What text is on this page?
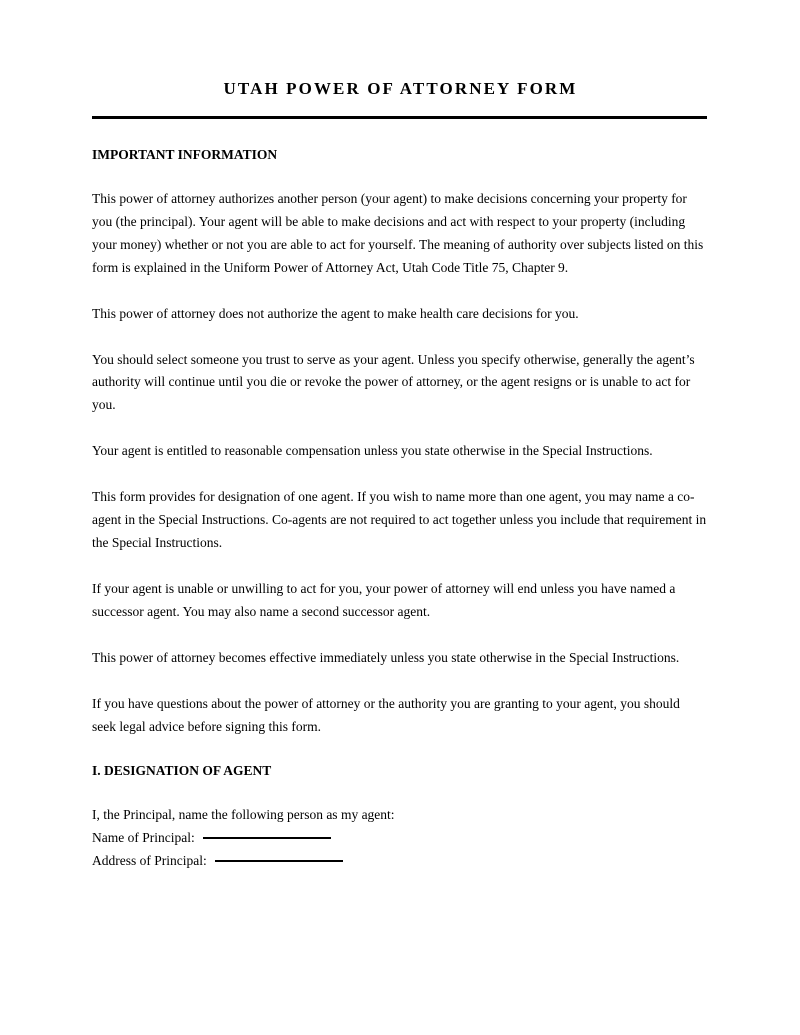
UTAH POWER OF ATTORNEY FORM
IMPORTANT INFORMATION

This power of attorney authorizes another person (your agent) to make decisions concerning your property for you (the principal). Your agent will be able to make decisions and act with respect to your property (including your money) whether or not you are able to act for yourself. The meaning of authority over subjects listed on this form is explained in the Uniform Power of Attorney Act, Utah Code Title 75, Chapter 9.

This power of attorney does not authorize the agent to make health care decisions for you.

You should select someone you trust to serve as your agent. Unless you specify otherwise, generally the agent’s authority will continue until you die or revoke the power of attorney, or the agent resigns or is unable to act for you.

Your agent is entitled to reasonable compensation unless you state otherwise in the Special Instructions.

This form provides for designation of one agent. If you wish to name more than one agent, you may name a co-agent in the Special Instructions. Co-agents are not required to act together unless you include that requirement in the Special Instructions.

If your agent is unable or unwilling to act for you, your power of attorney will end unless you have named a successor agent. You may also name a second successor agent.

This power of attorney becomes effective immediately unless you state otherwise in the Special Instructions.

If you have questions about the power of attorney or the authority you are granting to your agent, you should seek legal advice before signing this form.

I. DESIGNATION OF AGENT

I, the Principal, name the following person as my agent:

Name of Principal:
Address of Principal:
